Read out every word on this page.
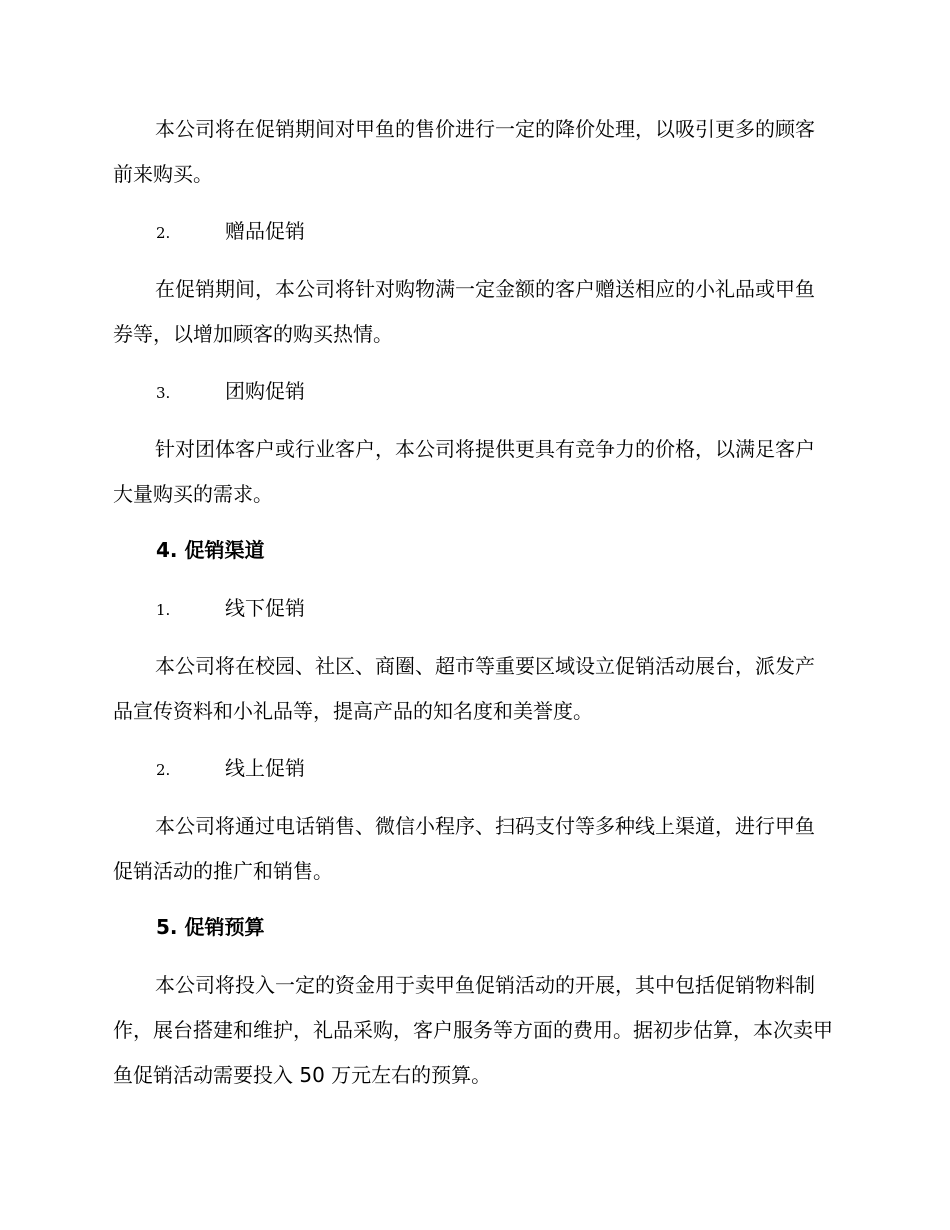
本公司将在促销期间对甲鱼的售价进行一定的降价处理，以吸引更多的顾客前来购买。

2.	赠品促销

在促销期间，本公司将针对购物满一定金额的客户赠送相应的小礼品或甲鱼券等，以增加顾客的购买热情。

3.	团购促销

针对团体客户或行业客户，本公司将提供更具有竞争力的价格，以满足客户大量购买的需求。

4. 促销渠道
1.	线下促销

本公司将在校园、社区、商圈、超市等重要区域设立促销活动展台，派发产品宣传资料和小礼品等，提高产品的知名度和美誉度。

2.	线上促销

本公司将通过电话销售、微信小程序、扫码支付等多种线上渠道，进行甲鱼促销活动的推广和销售。

5. 促销预算

本公司将投入一定的资金用于卖甲鱼促销活动的开展，其中包括促销物料制作，展台搭建和维护，礼品采购，客户服务等方面的费用。据初步估算，本次卖甲鱼促销活动需要投入 50 万元左右的预算。
